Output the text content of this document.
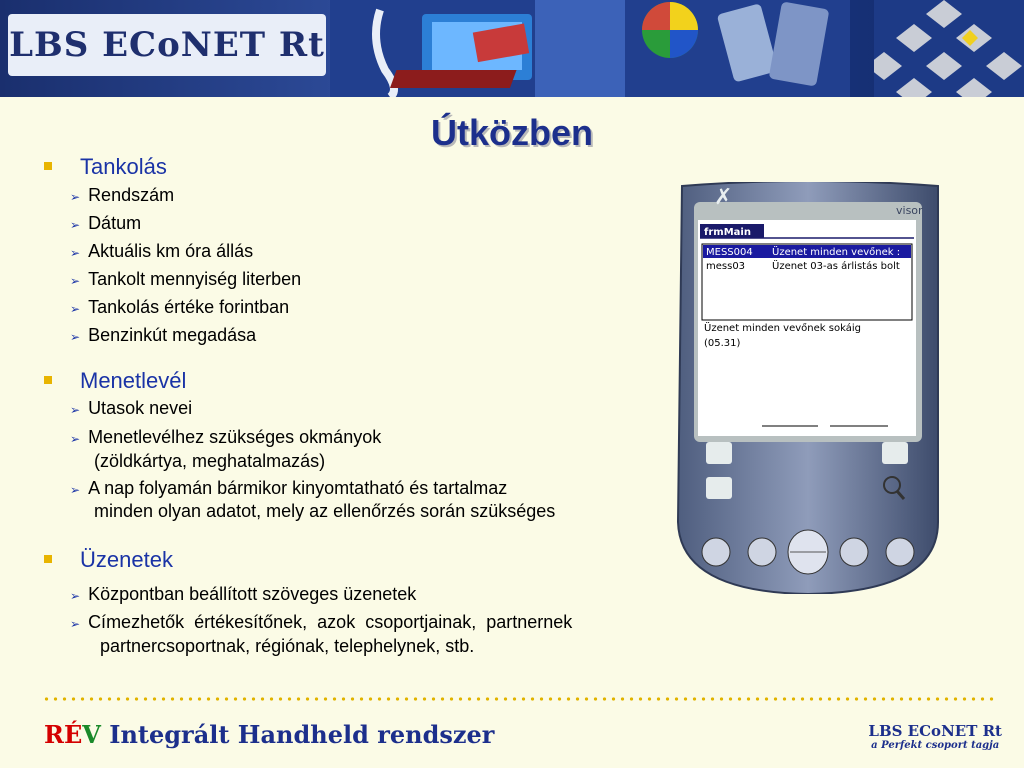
LBS ECoNET Rt
Útközben
Tankolás
➢ Rendszám
➢ Dátum
➢ Aktuális km óra állás
➢ Tankolt mennyiség literben
➢ Tankolás értéke forintban
➢ Benzinkút megadása
Menetlevél
➢ Utasok nevei
➢ Menetlevélhez szükséges okmányok
(zöldkártya, meghatalmazás)
➢ A nap folyamán bármikor kinyomtatható és tartalmaz
minden olyan adatot, mely az ellenőrzés során szükséges
Üzenetek
➢ Központban beállított szöveges üzenetek
➢ Címezhetők  értékesítőnek,  azok  csoportjainak,  partnernek
partnercsoportnak, régiónak, telephelynek, stb.
✗
visor
frmMain
MESS004 Üzenet minden vevőnek :
mess03	Üzenet 03-as árlistás bolt
Üzenet minden vevőnek sokáig
(05.31)
RÉV Integrált Handheld rendszer	LBS ECoNET Rt
a Perfekt csoport tagja
